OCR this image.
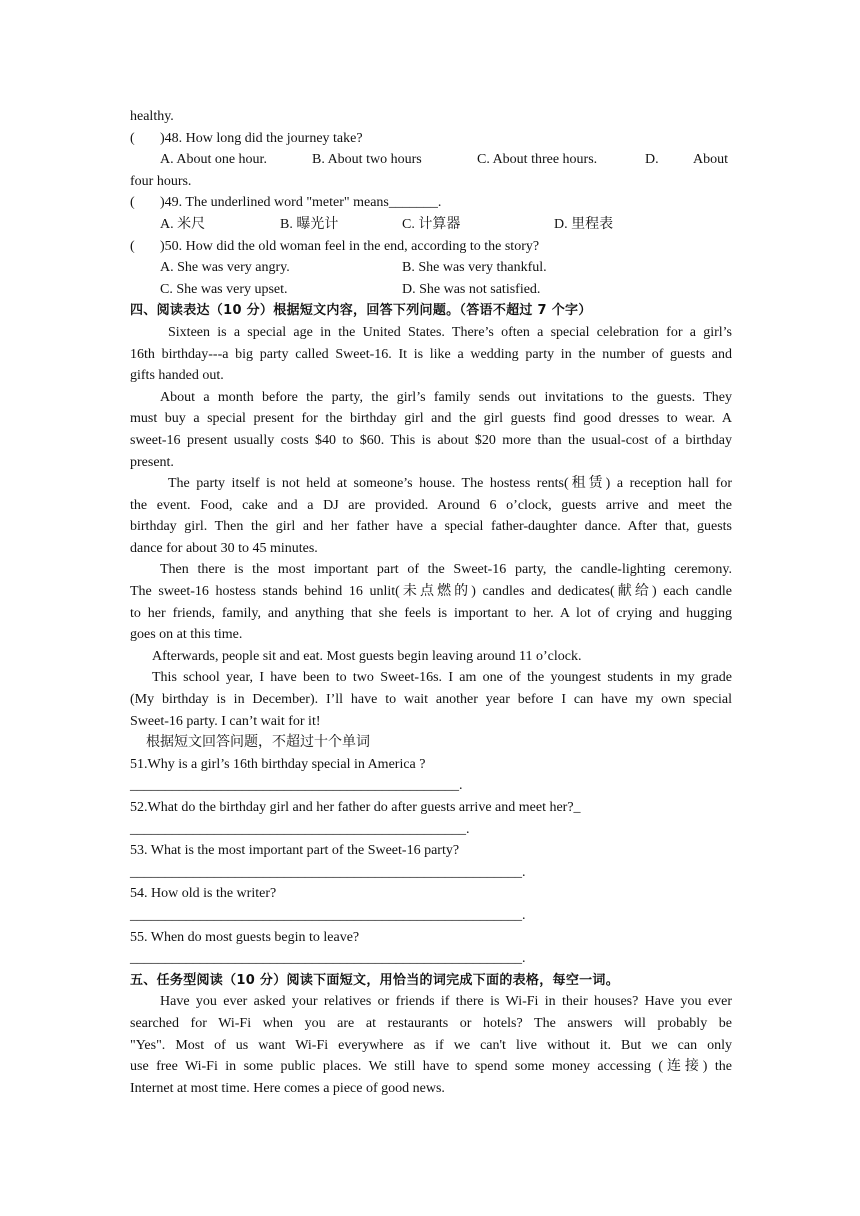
healthy.
( )48. How long did the journey take?
A. About one hour.	B. About two hours	C. About three hours.	D. About
four hours.
( )49. The underlined word "meter" means_______.
A. 米尺	B. 曝光计	C. 计算器	D. 里程表
( )50. How did the old woman feel in the end, according to the story?
A. She was very angry.	B. She was very thankful.
C. She was very upset.	D. She was not satisfied.
四、阅读表达（10 分）根据短文内容，回答下列问题。（答语不超过 7 个字）
Sixteen is a special age in the United States. There’s often a special celebration for a girl’s
16th birthday---a big party called Sweet-16. It is like a wedding party in the number of guests and
gifts handed out.
About a month before the party, the girl’s family sends out invitations to the guests. They
must buy a special present for the birthday girl and the girl guests find good dresses to wear. A
sweet-16 present usually costs $40 to $60. This is about $20 more than the usual-cost of a birthday
present.
The party itself is not held at someone’s house. The hostess rents(租赁) a reception hall for
the event. Food, cake and a DJ are provided. Around 6 o’clock, guests arrive and meet the
birthday girl. Then the girl and her father have a special father-daughter dance. After that, guests
dance for about 30 to 45 minutes.
Then there is the most important part of the Sweet-16 party, the candle-lighting ceremony.
The sweet-16 hostess stands behind 16 unlit(未点燃的) candles and dedicates(献给) each candle
to her friends, family, and anything that she feels is important to her. A lot of crying and hugging
goes on at this time.
Afterwards, people sit and eat. Most guests begin leaving around 11 o’clock.
This school year, I have been to two Sweet-16s. I am one of the youngest students in my grade
(My birthday is in December). I’ll have to wait another year before I can have my own special
Sweet-16 party. I can’t wait for it!
根据短文回答问题，不超过十个单词
51.Why is a girl’s 16th birthday special in America ?
_______________________________________________.
52.What do the birthday girl and her father do after guests arrive and meet her?_
________________________________________________.
53. What is the most important part of the Sweet-16 party?
________________________________________________________.
54. How old is the writer?
________________________________________________________.
55. When do most guests begin to leave?
________________________________________________________.
五、任务型阅读（10 分）阅读下面短文，用恰当的词完成下面的表格，每空一词。
Have you ever asked your relatives or friends if there is Wi-Fi in their houses? Have you ever
searched for Wi-Fi when you are at restaurants or hotels? The answers will probably be
"Yes". Most of us want Wi-Fi everywhere as if we can't live without it. But we can only
use free Wi-Fi in some public places. We still have to spend some money accessing (连接) the
Internet at most time. Here comes a piece of good news.
